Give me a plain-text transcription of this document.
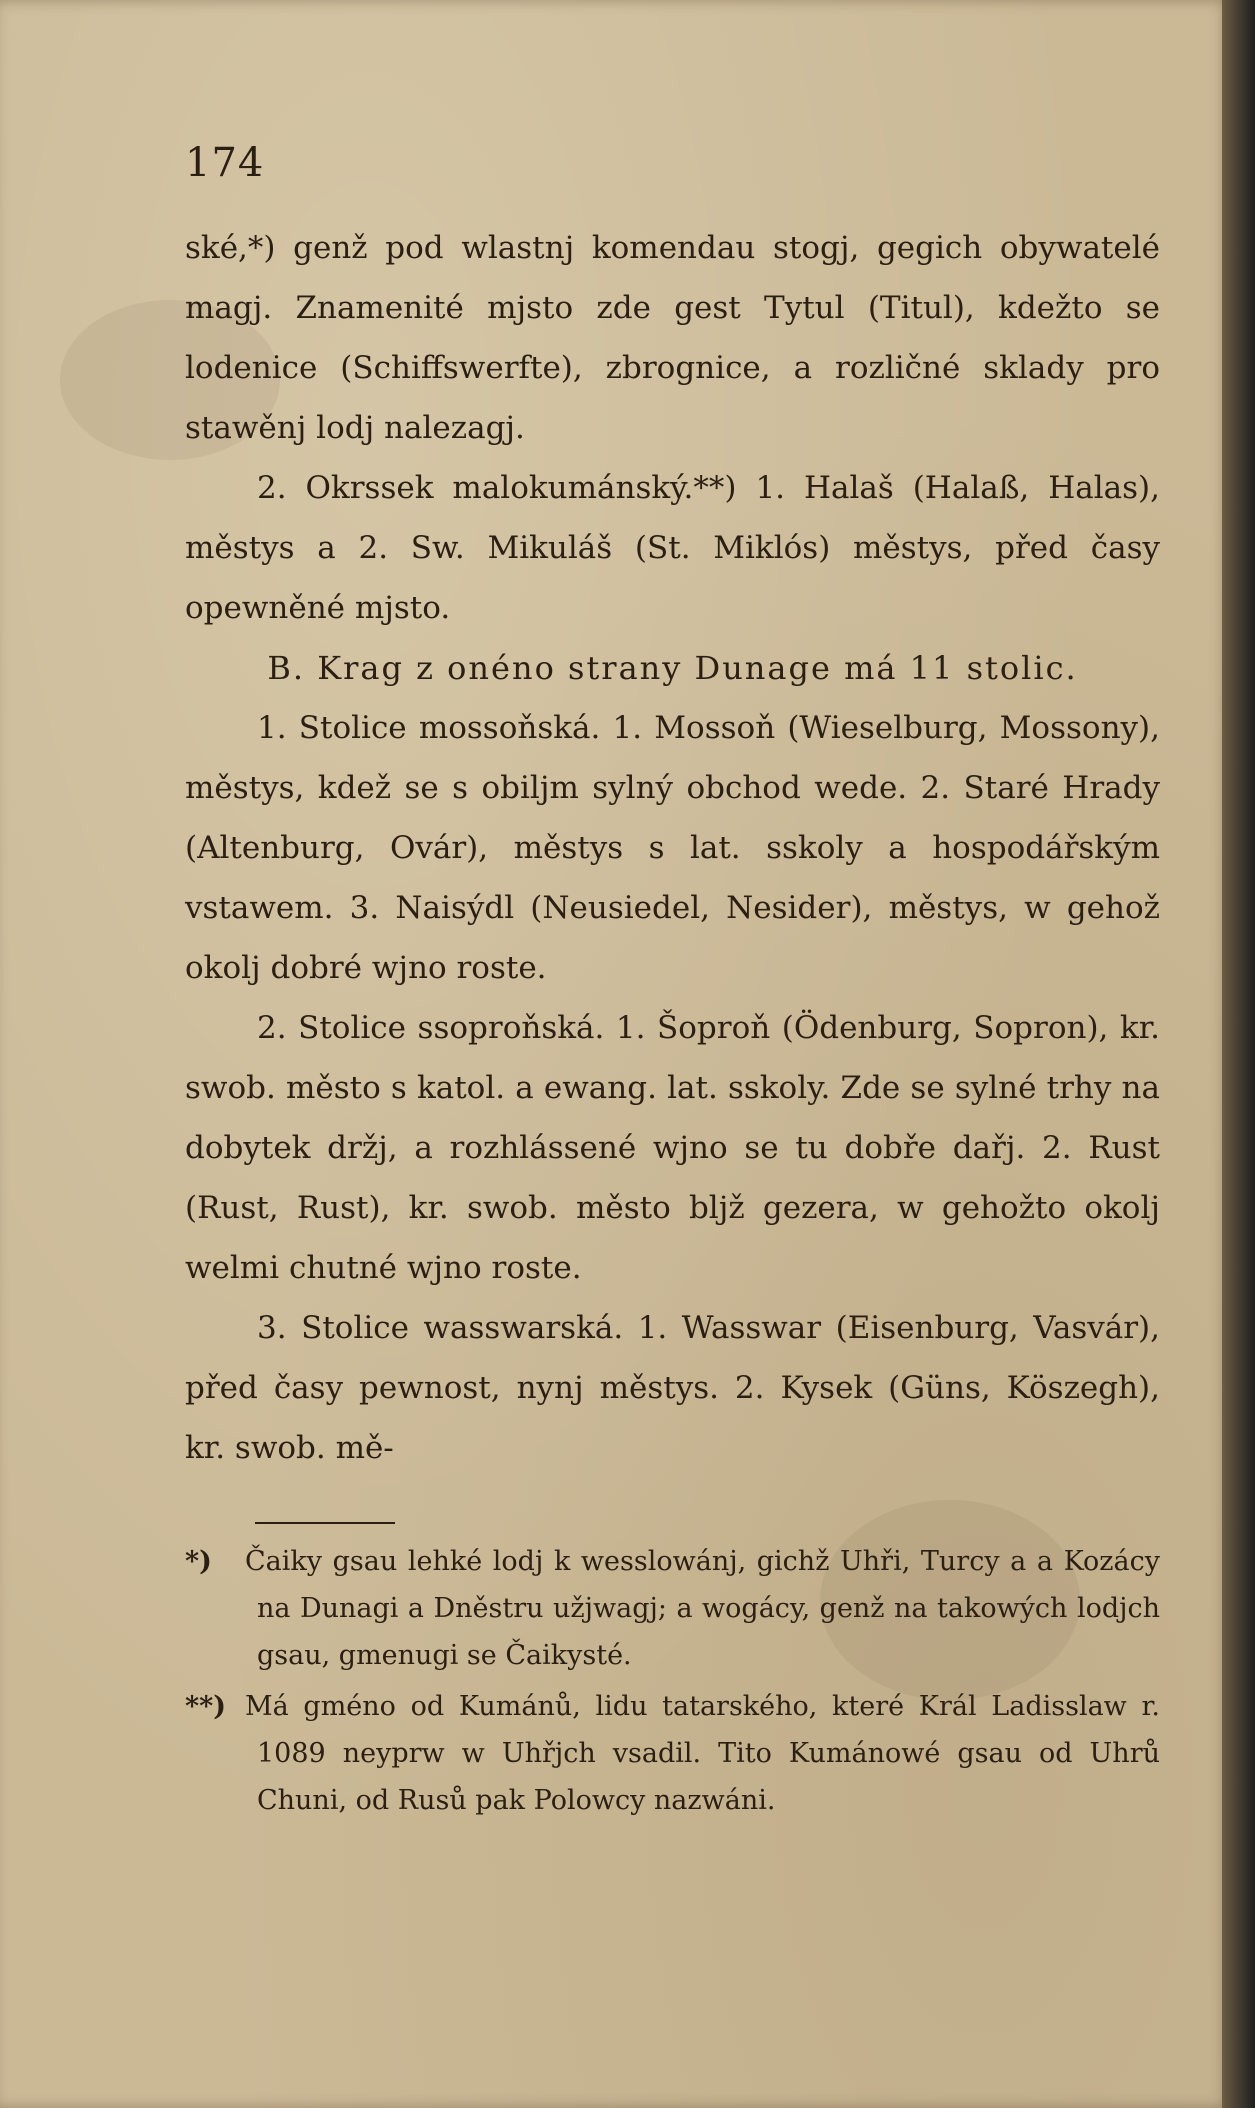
174

ské,*) genž pod wlastnj komendau stogj, gegich obywatelé magj. Znamenité mjsto zde gest Tytul (Titul), kdežto se lodenice (Schiffswerfte), zbrognice, a rozličné sklady pro stawěnj lodj nalezagj.

2. Okrssek malokumánský.**) 1. Halaš (Halaß, Halas), městys a 2. Sw. Mikuláš (St. Miklós) městys, před časy opewněné mjsto.

B. Krag z onéno strany Dunage má 11 stolic.

1. Stolice mossoňská. 1. Mossoň (Wieselburg, Mossony), městys, kdež se s obiljm sylný obchod wede. 2. Staré Hrady (Altenburg, Ovár), městys s lat. sskoly a hospodářským vstawem. 3. Naisýdl (Neusiedel, Nesider), městys, w gehož okolj dobré wjno roste.

2. Stolice ssoproňská. 1. Šoproň (Ödenburg, Sopron), kr. swob. město s katol. a ewang. lat. sskoly. Zde se sylné trhy na dobytek držj, a rozhlássené wjno se tu dobře dařj. 2. Rust (Rust, Rust), kr. swob. město bljž gezera, w gehožto okolj welmi chutné wjno roste.

3. Stolice wasswarská. 1. Wasswar (Eisenburg, Vasvár), před časy pewnost, nynj městys. 2. Kysek (Güns, Köszegh), kr. swob. mě-

*) Čaiky gsau lehké lodj k wesslowánj, gichž Uhři, Turcy a a Kozácy na Dunagi a Dněstru užjwagj; a wogácy, genž na takowých lodjch gsau, gmenugi se Čaikysté.

**) Má gméno od Kumánů, lidu tatarského, které Král Ladisslaw r. 1089 neyprw w Uhřjch vsadil. Tito Kumánowé gsau od Uhrů Chuni, od Rusů pak Polowcy nazwáni.
